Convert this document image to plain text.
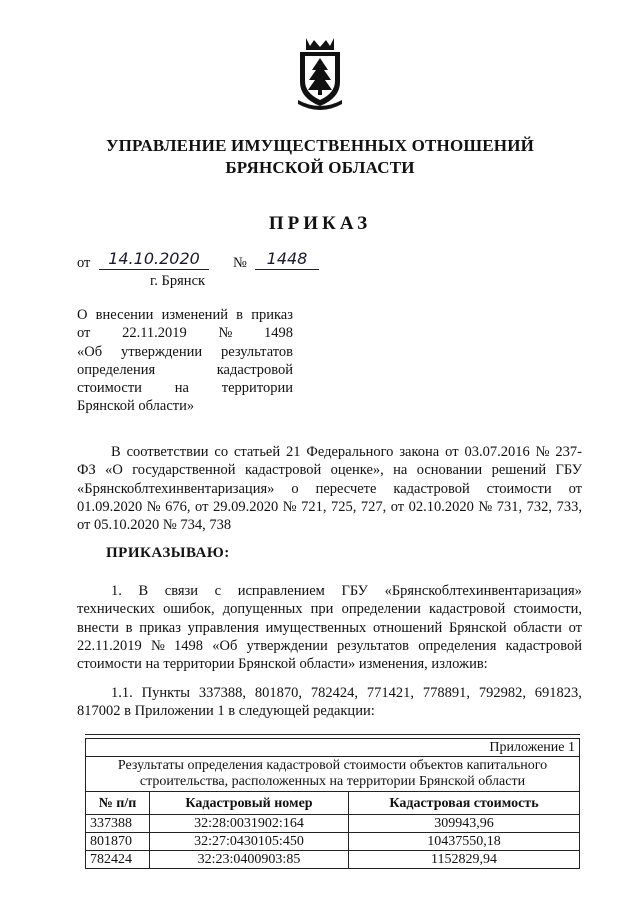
УПРАВЛЕНИЕ ИМУЩЕСТВЕННЫХ ОТНОШЕНИЙ
БРЯНСКОЙ ОБЛАСТИ
ПРИКАЗ
от	14.10.2020	№	1448
г. Брянск
О внесении изменений в приказ
от 22.11.2019 № 1498
«Об утверждении результатов
определения	кадастровой
стоимости на территории
Брянской области»
В соответствии со статьей 21 Федерального закона от 03.07.2016 № 237-
ФЗ «О государственной кадастровой оценке», на основании решений ГБУ
«Брянскоблтехинвентаризация» о пересчете кадастровой стоимости от
01.09.2020 № 676, от 29.09.2020 № 721, 725, 727, от 02.10.2020 № 731, 732, 733,
от 05.10.2020 № 734, 738
ПРИКАЗЫВАЮ:
1. В связи с исправлением ГБУ «Брянскоблтехинвентаризация»
технических ошибок, допущенных при определении кадастровой стоимости,
внести в приказ управления имущественных отношений Брянской области от
22.11.2019 № 1498 «Об утверждении результатов определения кадастровой
стоимости на территории Брянской области» изменения, изложив:
1.1. Пункты 337388, 801870, 782424, 771421, 778891, 792982, 691823,
817002 в Приложении 1 в следующей редакции:
Приложение 1		

Результаты определения кадастровой стоимости объектов капитального
строительства, расположенных на территории Брянской области		

№ п/п	Кадастровый номер	Кадастровая стоимость
337388	32:28:0031902:164	309943,96
801870	32:27:0430105:450	10437550,18
782424	32:23:0400903:85	1152829,94
